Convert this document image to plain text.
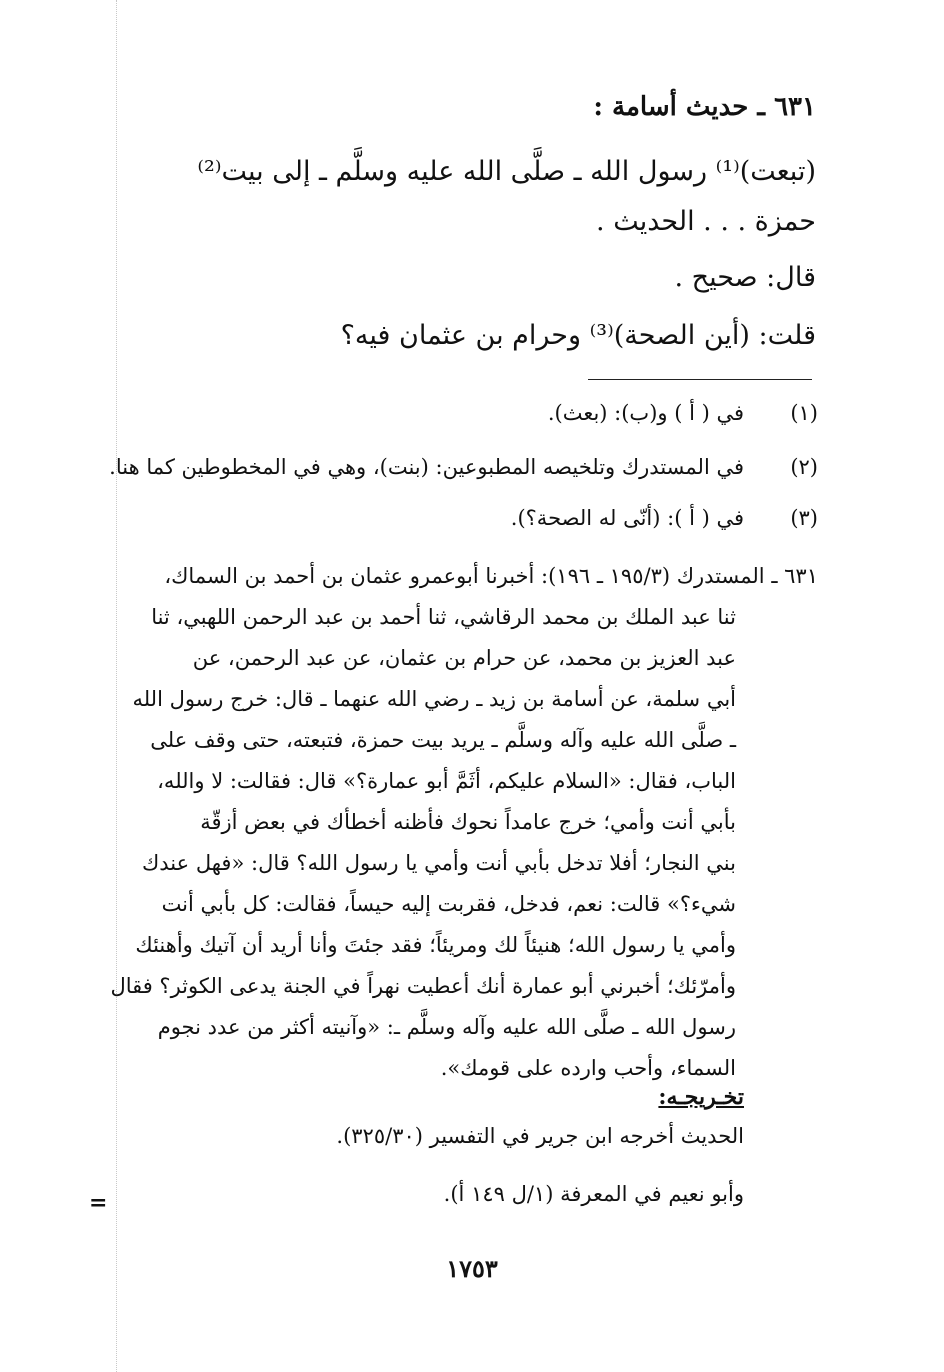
٦٣١ ـ حديث أسامة :
(تبعت)⁽¹⁾ رسول الله ـ صلَّى الله عليه وسلَّم ـ إلى بيت⁽²⁾
حمزة . . . الحديث .
قال: صحيح .
قلت: (أين الصحة)⁽³⁾ وحرام بن عثمان فيه؟
(١)
في ( أ ) و(ب): (بعث).
(٢)
في المستدرك وتلخيصه المطبوعين: (بنت)، وهي في المخطوطين كما هنا.
(٣)
في ( أ ): (أنّى له الصحة؟).
٦٣١ ـ المستدرك (١٩٥/٣ ـ ١٩٦): أخبرنا أبوعمرو عثمان بن أحمد بن السماك،
ثنا عبد الملك بن محمد الرقاشي، ثنا أحمد بن عبد الرحمن اللهبي، ثنا
عبد العزيز بن محمد، عن حرام بن عثمان، عن عبد الرحمن، عن
أبي سلمة، عن أسامة بن زيد ـ رضي الله عنهما ـ قال: خرج رسول الله
ـ صلَّى الله عليه وآله وسلَّم ـ يريد بيت حمزة، فتبعته، حتى وقف على
الباب، فقال: «السلام عليكم، أثَمَّ أبو عمارة؟» قال: فقالت: لا والله،
بأبي أنت وأمي؛ خرج عامداً نحوك فأظنه أخطأك في بعض أزقّة
بني النجار؛ أفلا تدخل بأبي أنت وأمي يا رسول الله؟ قال: «فهل عندك
شيء؟» قالت: نعم، فدخل، فقربت إليه حيساً، فقالت: كل بأبي أنت
وأمي يا رسول الله؛ هنيئاً لك ومريئاً؛ فقد جئتَ وأنا أريد أن آتيك وأهنئك
وأمرّئك؛ أخبرني أبو عمارة أنك أعطيت نهراً في الجنة يدعى الكوثر؟ فقال
رسول الله ـ صلَّى الله عليه وآله وسلَّم ـ: «وآنيته أكثر من عدد نجوم
السماء، وأحب وارده على قومك».
تخـريجـه:
الحديث أخرجه ابن جرير في التفسير (٣٢٥/٣٠).
وأبو نعيم في المعرفة (١/ل ١٤٩ أ).
=
١٧٥٣
